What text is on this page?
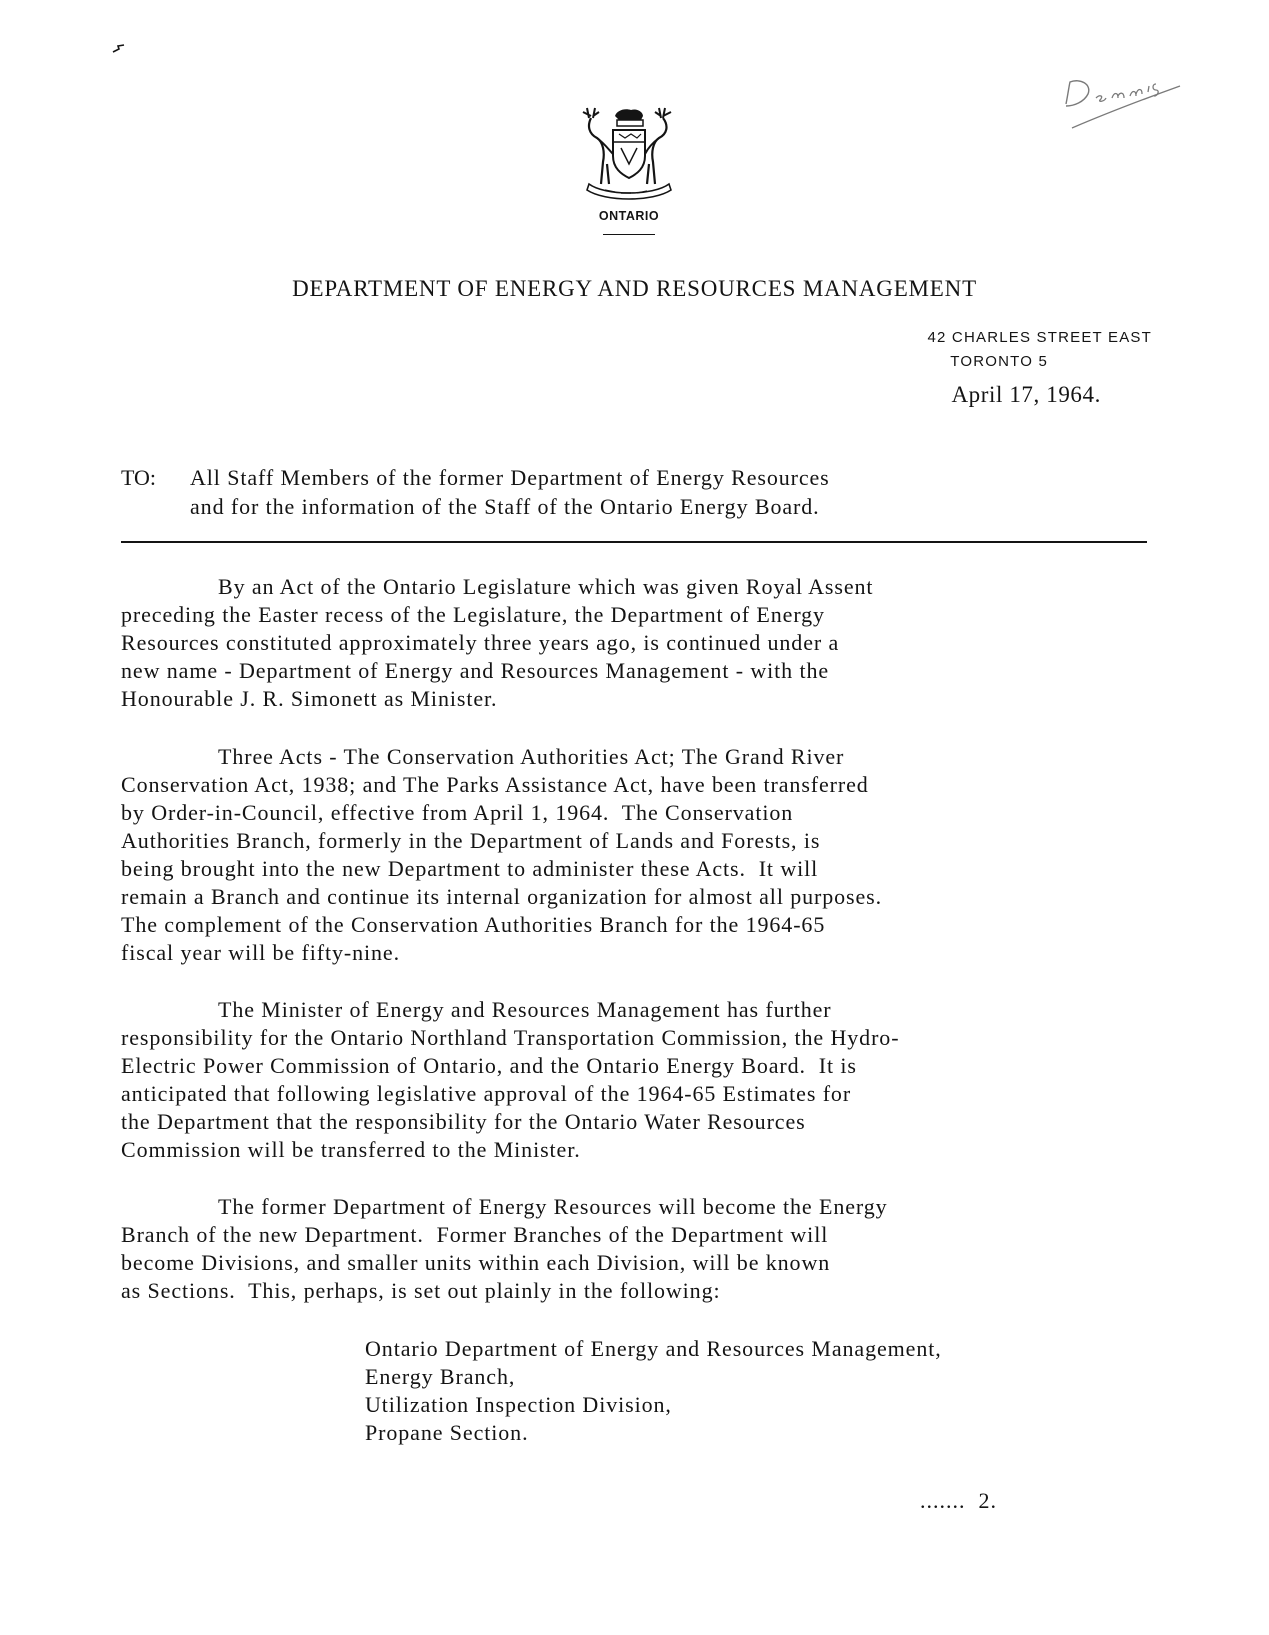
ONTARIO
DEPARTMENT OF ENERGY AND RESOURCES MANAGEMENT
42 CHARLES STREET EAST
TORONTO 5
April 17, 1964.
TO: All Staff Members of the former Department of Energy Resources
and for the information of the Staff of the Ontario Energy Board.
By an Act of the Ontario Legislature which was given Royal Assent
preceding the Easter recess of the Legislature, the Department of Energy
Resources constituted approximately three years ago, is continued under a
new name - Department of Energy and Resources Management - with the
Honourable J. R. Simonett as Minister.
Three Acts - The Conservation Authorities Act; The Grand River
Conservation Act, 1938; and The Parks Assistance Act, have been transferred
by Order-in-Council, effective from April 1, 1964.  The Conservation
Authorities Branch, formerly in the Department of Lands and Forests, is
being brought into the new Department to administer these Acts.  It will
remain a Branch and continue its internal organization for almost all purposes.
The complement of the Conservation Authorities Branch for the 1964-65
fiscal year will be fifty-nine.
The Minister of Energy and Resources Management has further
responsibility for the Ontario Northland Transportation Commission, the Hydro-
Electric Power Commission of Ontario, and the Ontario Energy Board.  It is
anticipated that following legislative approval of the 1964-65 Estimates for
the Department that the responsibility for the Ontario Water Resources
Commission will be transferred to the Minister.
The former Department of Energy Resources will become the Energy
Branch of the new Department.  Former Branches of the Department will
become Divisions, and smaller units within each Division, will be known
as Sections.  This, perhaps, is set out plainly in the following:
Ontario Department of Energy and Resources Management,
Energy Branch,
Utilization Inspection Division,
Propane Section.
.......  2.
